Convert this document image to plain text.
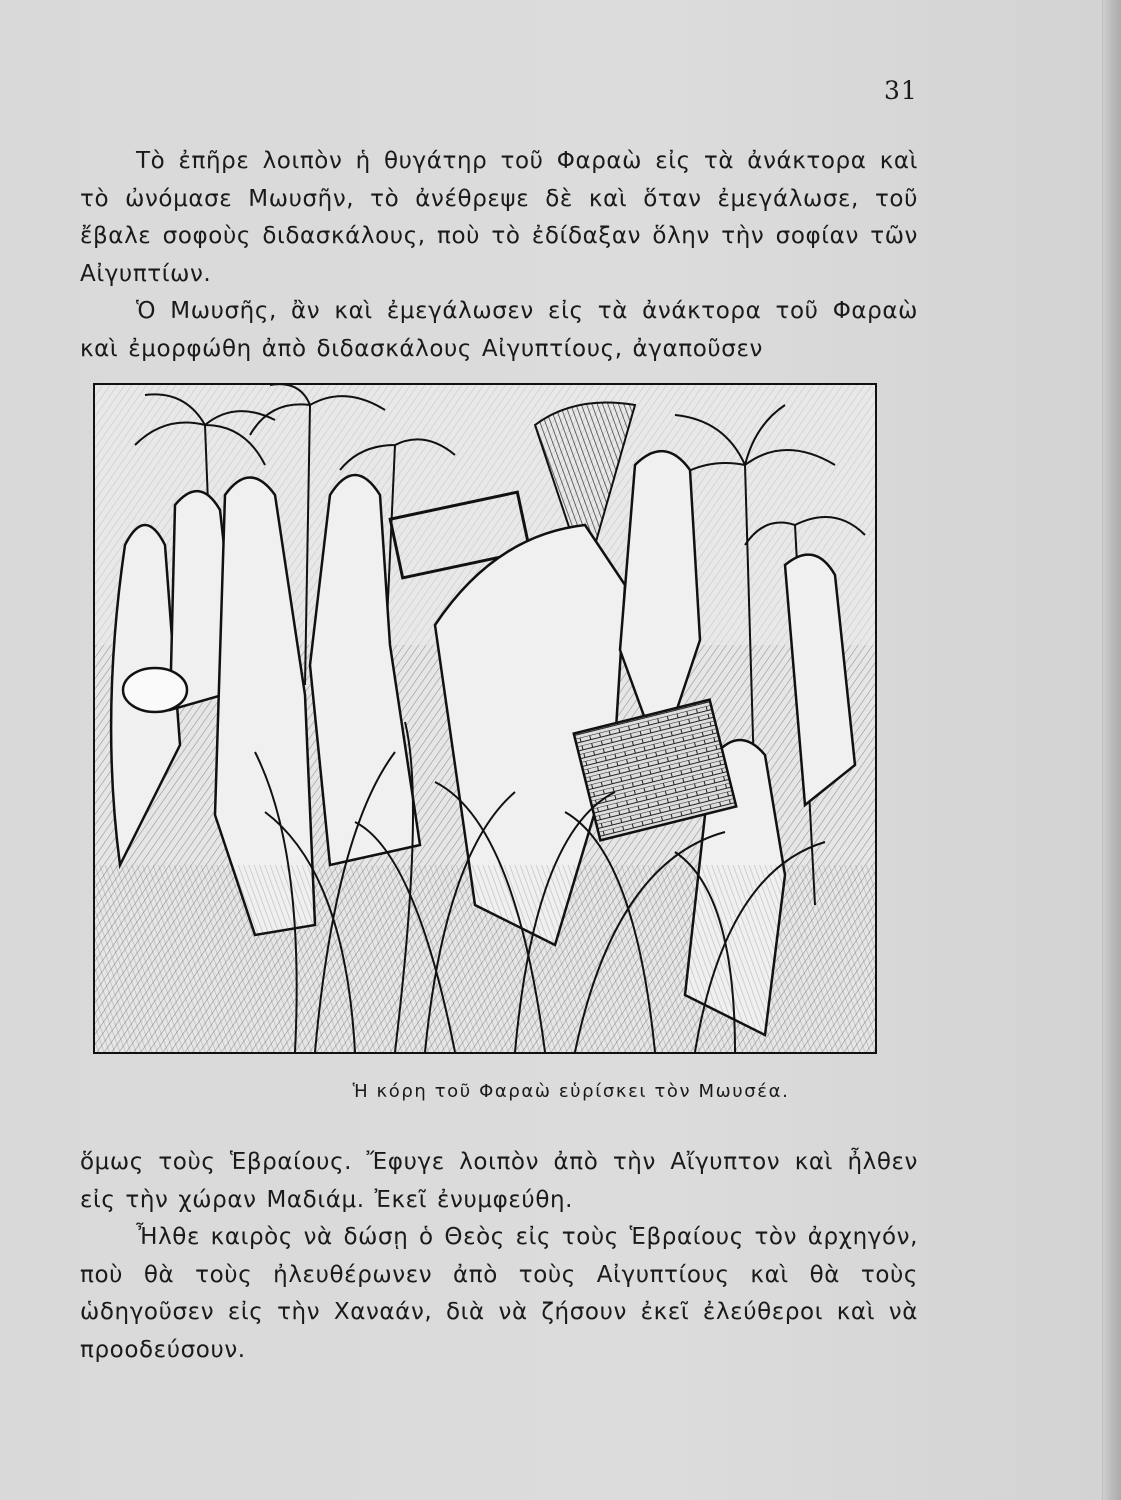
31

Τὸ ἐπῆρε λοιπὸν ἡ θυγάτηρ τοῦ Φαραὼ εἰς τὰ ἀνάκτορα καὶ τὸ ὠνόμασε Μωυσῆν, τὸ ἀνέθρεψε δὲ καὶ ὅταν ἐμεγάλωσε, τοῦ ἔβαλε σοφοὺς διδασκάλους, ποὺ τὸ ἐδίδαξαν ὅλην τὴν σοφίαν τῶν Αἰγυπτίων.

Ὁ Μωυσῆς, ἂν καὶ ἐμεγάλωσεν εἰς τὰ ἀνάκτορα τοῦ Φαραὼ καὶ ἐμορφώθη ἀπὸ διδασκάλους Αἰγυπτίους, ἀγαποῦσεν

Ἡ κόρη τοῦ Φαραὼ εὑρίσκει τὸν Μωυσέα.

ὅμως τοὺς Ἑβραίους. Ἔφυγε λοιπὸν ἀπὸ τὴν Αἴγυπτον καὶ ἦλθεν εἰς τὴν χώραν Μαδιάμ. Ἐκεῖ ἐνυμφεύθη.

Ἦλθε καιρὸς νὰ δώσῃ ὁ Θεὸς εἰς τοὺς Ἑβραίους τὸν ἀρχηγόν, ποὺ θὰ τοὺς ἠλευθέρωνεν ἀπὸ τοὺς Αἰγυπτίους καὶ θὰ τοὺς ὡδηγοῦσεν εἰς τὴν Χαναάν, διὰ νὰ ζήσουν ἐκεῖ ἐλεύθεροι καὶ νὰ προοδεύσουν.
